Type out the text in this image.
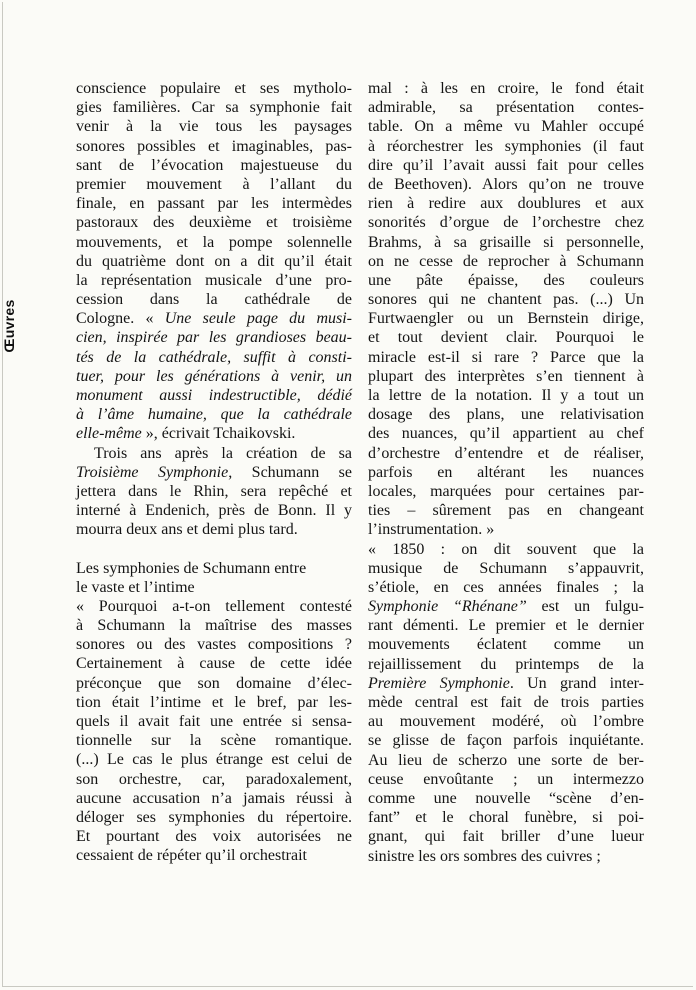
Œuvres
conscience populaire et ses mytholo-
gies familières. Car sa symphonie fait
venir à la vie tous les paysages
sonores possibles et imaginables, pas-
sant de l’évocation majestueuse du
premier mouvement à l’allant du
finale, en passant par les intermèdes
pastoraux des deuxième et troisième
mouvements, et la pompe solennelle
du quatrième dont on a dit qu’il était
la représentation musicale d’une pro-
cession dans la cathédrale de
Cologne. « Une seule page du musi-
cien, inspirée par les grandioses beau-
tés de la cathédrale, suffit à consti-
tuer, pour les générations à venir, un
monument aussi indestructible, dédié
à l’âme humaine, que la cathédrale
elle-même », écrivait Tchaikovski.
Trois ans après la création de sa
Troisième Symphonie, Schumann se
jettera dans le Rhin, sera repêché et
interné à Endenich, près de Bonn. Il y
mourra deux ans et demi plus tard.
Les symphonies de Schumann entre
le vaste et l’intime
« Pourquoi a-t-on tellement contesté
à Schumann la maîtrise des masses
sonores ou des vastes compositions ?
Certainement à cause de cette idée
préconçue que son domaine d’élec-
tion était l’intime et le bref, par les-
quels il avait fait une entrée si sensa-
tionnelle sur la scène romantique.
(...) Le cas le plus étrange est celui de
son orchestre, car, paradoxalement,
aucune accusation n’a jamais réussi à
déloger ses symphonies du répertoire.
Et pourtant des voix autorisées ne
cessaient de répéter qu’il orchestrait
mal : à les en croire, le fond était
admirable, sa présentation contes-
table. On a même vu Mahler occupé
à réorchestrer les symphonies (il faut
dire qu’il l’avait aussi fait pour celles
de Beethoven). Alors qu’on ne trouve
rien à redire aux doublures et aux
sonorités d’orgue de l’orchestre chez
Brahms, à sa grisaille si personnelle,
on ne cesse de reprocher à Schumann
une pâte épaisse, des couleurs
sonores qui ne chantent pas. (...) Un
Furtwaengler ou un Bernstein dirige,
et tout devient clair. Pourquoi le
miracle est-il si rare ? Parce que la
plupart des interprètes s’en tiennent à
la lettre de la notation. Il y a tout un
dosage des plans, une relativisation
des nuances, qu’il appartient au chef
d’orchestre d’entendre et de réaliser,
parfois en altérant les nuances
locales, marquées pour certaines par-
ties – sûrement pas en changeant
l’instrumentation. »
« 1850 : on dit souvent que la
musique de Schumann s’appauvrit,
s’étiole, en ces années finales ; la
Symphonie “Rhénane” est un fulgu-
rant démenti. Le premier et le dernier
mouvements éclatent comme un
rejaillissement du printemps de la
Première Symphonie. Un grand inter-
mède central est fait de trois parties
au mouvement modéré, où l’ombre
se glisse de façon parfois inquiétante.
Au lieu de scherzo une sorte de ber-
ceuse envoûtante ; un intermezzo
comme une nouvelle “scène d’en-
fant” et le choral funèbre, si poi-
gnant, qui fait briller d’une lueur
sinistre les ors sombres des cuivres ;
